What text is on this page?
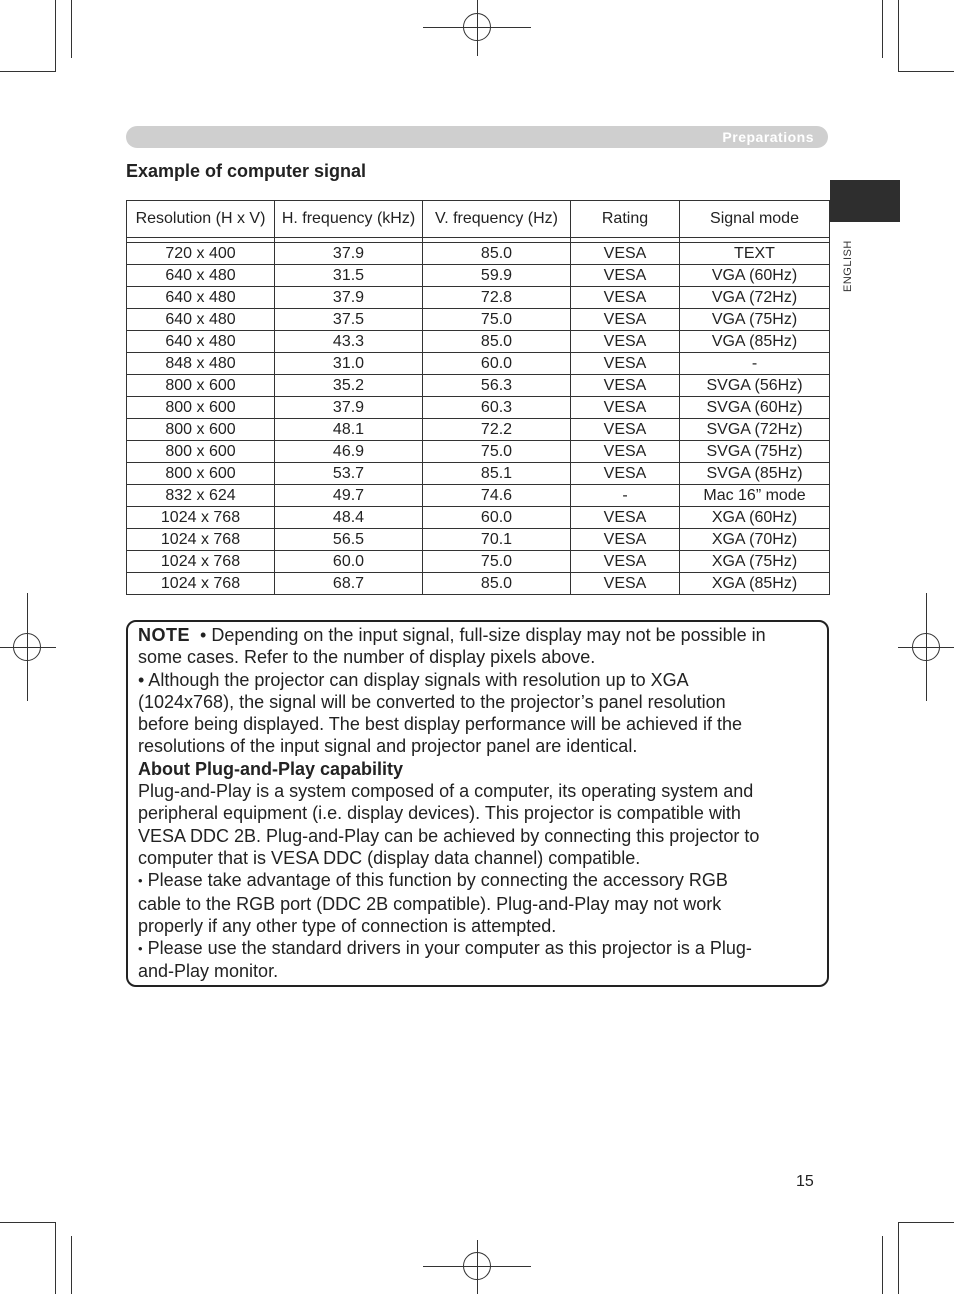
Preparations
ENGLISH
Example of computer signal
Resolution (H x V)	H. frequency (kHz)	V. frequency (Hz)	Rating	Signal mode

720 x 400	37.9	85.0	VESA	TEXT
640 x 480	31.5	59.9	VESA	VGA (60Hz)
640 x 480	37.9	72.8	VESA	VGA (72Hz)
640 x 480	37.5	75.0	VESA	VGA (75Hz)
640 x 480	43.3	85.0	VESA	VGA (85Hz)
848 x 480	31.0	60.0	VESA	-
800 x 600	35.2	56.3	VESA	SVGA (56Hz)
800 x 600	37.9	60.3	VESA	SVGA (60Hz)
800 x 600	48.1	72.2	VESA	SVGA (72Hz)
800 x 600	46.9	75.0	VESA	SVGA (75Hz)
800 x 600	53.7	85.1	VESA	SVGA (85Hz)
832 x 624	49.7	74.6	-	Mac 16” mode
1024 x 768	48.4	60.0	VESA	XGA (60Hz)
1024 x 768	56.5	70.1	VESA	XGA (70Hz)
1024 x 768	60.0	75.0	VESA	XGA (75Hz)
1024 x 768	68.7	85.0	VESA	XGA (85Hz)

NOTE • Depending on the input signal, full-size display may not be possible in

some cases. Refer to the number of display pixels above.

• Although the projector can display signals with resolution up to XGA

(1024x768), the signal will be converted to the projector’s panel resolution

before being displayed. The best display performance will be achieved if the

resolutions of the input signal and projector panel are identical.

About Plug-and-Play capability

Plug-and-Play is a system composed of a computer, its operating system and

peripheral equipment (i.e. display devices). This projector is compatible with

VESA DDC 2B. Plug-and-Play can be achieved by connecting this projector to

computer that is VESA DDC (display data channel) compatible.

• Please take advantage of this function by connecting the accessory RGB

cable to the RGB port (DDC 2B compatible). Plug-and-Play may not work

properly if any other type of connection is attempted.

• Please use the standard drivers in your computer as this projector is a Plug-

and-Play monitor.

15
